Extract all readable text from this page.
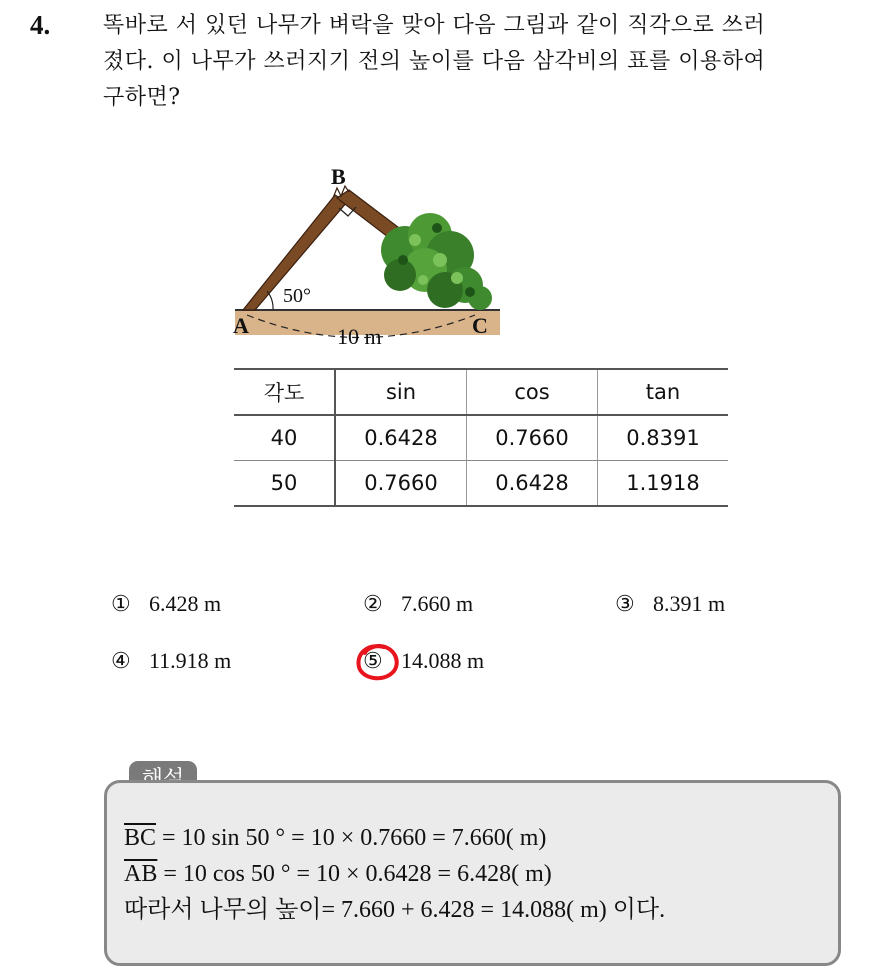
4. 똑바로 서 있던 나무가 벼락을 맞아 다음 그림과 같이 직각으로 쓰러
졌다. 이 나무가 쓰러지기 전의 높이를 다음 삼각비의 표를 이용하여
구하면?
B
A	C
50°
10 m
각도	sin	cos	tan
40	0.6428	0.7660	0.8391
50	0.7660	0.6428	1.1918
① 6.428 m	② 7.660 m	③ 8.391 m
④ 11.918 m	⑤ 14.088 m
$\overline{BC} = 10$ sin 50 ° = 10 × 0.7660 = 7.660( m)
$\overline{AB} = 10$ cos 50 ° = 10 × 0.6428 = 6.428( m)
따라서 나무의 높이= 7.660 + 6.428 = 14.088( m) 이다.
